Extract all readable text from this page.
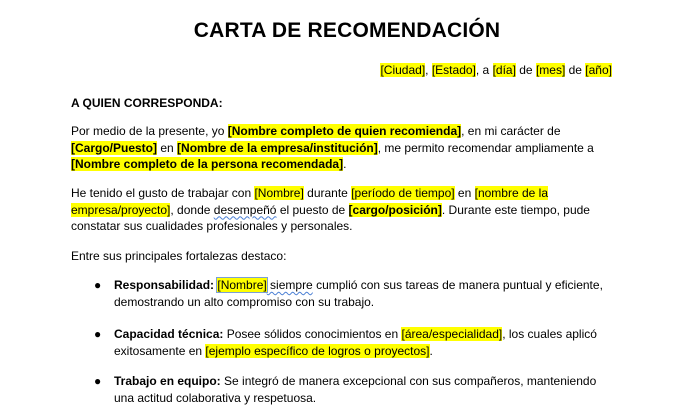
CARTA DE RECOMENDACIÓN
[Ciudad], [Estado], a [día] de [mes] de [año]
A QUIEN CORRESPONDA:
Por medio de la presente, yo [Nombre completo de quien recomienda], en mi carácter de [Cargo/Puesto] en [Nombre de la empresa/institución], me permito recomendar ampliamente a [Nombre completo de la persona recomendada].
He tenido el gusto de trabajar con [Nombre] durante [período de tiempo] en [nombre de la empresa/proyecto], donde desempeñó el puesto de [cargo/posición]. Durante este tiempo, pude constatar sus cualidades profesionales y personales.
Entre sus principales fortalezas destaco:
● Responsabilidad: [Nombre] siempre cumplió con sus tareas de manera puntual y eficiente, demostrando un alto compromiso con su trabajo.
● Capacidad técnica: Posee sólidos conocimientos en [área/especialidad], los cuales aplicó exitosamente en [ejemplo específico de logros o proyectos].
● Trabajo en equipo: Se integró de manera excepcional con sus compañeros, manteniendo una actitud colaborativa y respetuosa.
